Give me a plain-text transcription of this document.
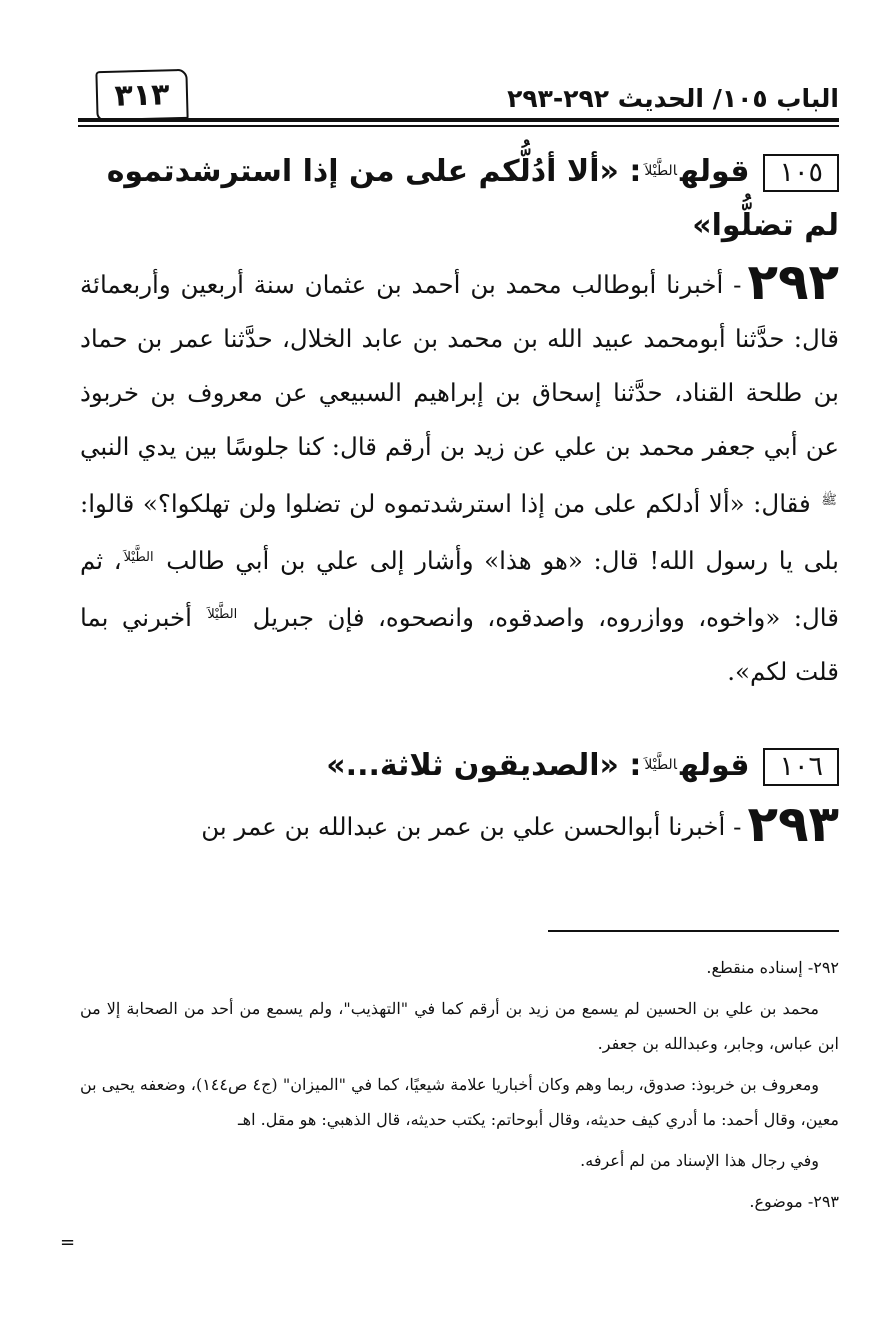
الباب ١٠٥/ الحديث ٢٩٢-٢٩٣
٣١٣
١٠٥قوله$^{الطَّيْلاَ}$: «ألا أدُلُّكم على من إذا استرشدتموه لم تضلُّوا»
٢٩٢- أخبرنا أبوطالب محمد بن أحمد بن عثمان سنة أربعين وأربعمائة قال: حدَّثنا أبومحمد عبيد الله بن محمد بن عابد الخلال، حدَّثنا عمر بن حماد بن طلحة القناد، حدَّثنا إسحاق بن إبراهيم السبيعي عن معروف بن خربوذ عن أبي جعفر محمد بن علي عن زيد بن أرقم قال: كنا جلوسًا بين يدي النبي $^ﷺ$ فقال: «ألا أدلكم على من إذا استرشدتموه لن تضلوا ولن تهلكوا؟» قالوا: بلى يا رسول الله! قال: «هو هذا» وأشار إلى علي بن أبي طالب $^{الطَّيْلاَ}$، ثم قال: «واخوه، ووازروه، واصدقوه، وانصحوه، فإن جبريل $^{الطَّيْلاَ}$ أخبرني بما قلت لكم».
١٠٦قوله$^{الطَّيْلاَ}$: «الصديقون ثلاثة...»
٢٩٣- أخبرنا أبوالحسن علي بن عمر بن عبدالله بن عمر بن

٢٩٢- إسناده منقطع.

محمد بن علي بن الحسين لم يسمع من زيد بن أرقم كما في "التهذيب"، ولم يسمع من أحد من الصحابة إلا من ابن عباس، وجابر، وعبدالله بن جعفر.

ومعروف بن خربوذ: صدوق، ربما وهم وكان أخباريا علامة شيعيًا، كما في "الميزان" (ج٤ ص١٤٤)، وضعفه يحيى بن معين، وقال أحمد: ما أدري كيف حديثه، وقال أبوحاتم: يكتب حديثه، قال الذهبي: هو مقل. اهـ

وفي رجال هذا الإسناد من لم أعرفه.

٢٩٣- موضوع.

=
